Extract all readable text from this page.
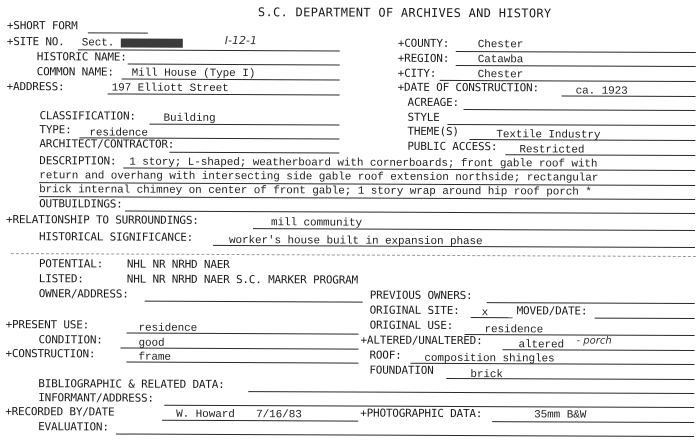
S.C. DEPARTMENT OF ARCHIVES AND HISTORY
+SHORT FORM
+SITE NO. Sect.	I-12-1	+COUNTY:	Chester
HISTORIC NAME:	+REGION:	Catawba
COMMON NAME: Mill House (Type I)	+CITY:	Chester
+ADDRESS:	197 Elliott Street	+DATE OF CONSTRUCTION:	ca. 1923
ACREAGE:
CLASSIFICATION:	Building	STYLE
TYPE: residence	THEME(S)	Textile Industry
ARCHITECT/CONTRACTOR:	PUBLIC ACCESS: Restricted
DESCRIPTION: 1 story; L-shaped; weatherboard with cornerboards; front gable roof with
return and overhang with intersecting side gable roof extension northside; rectangular
brick internal chimney on center of front gable; 1 story wrap around hip roof porch *
OUTBUILDINGS:
+RELATIONSHIP TO SURROUNDINGS:	mill community
HISTORICAL SIGNIFICANCE:	worker's house built in expansion phase
POTENTIAL: NHL NR NRHD NAER
LISTED:	NHL NR NRHD NAER S.C. MARKER PROGRAM
OWNER/ADDRESS:	PREVIOUS OWNERS:
ORIGINAL SITE: x	MOVED/DATE:
+PRESENT USE:	residence	ORIGINAL USE:	residence
CONDITION:	good	+ALTERED/UNALTERED:	altered - porch
+CONSTRUCTION:	frame	ROOF: composition shingles
FOUNDATION	brick
BIBLIOGRAPHIC & RELATED DATA:
INFORMANT/ADDRESS:
+RECORDED BY/DATE	W. Howard 7/16/83	+PHOTOGRAPHIC DATA:	35mm B&W
EVALUATION:
